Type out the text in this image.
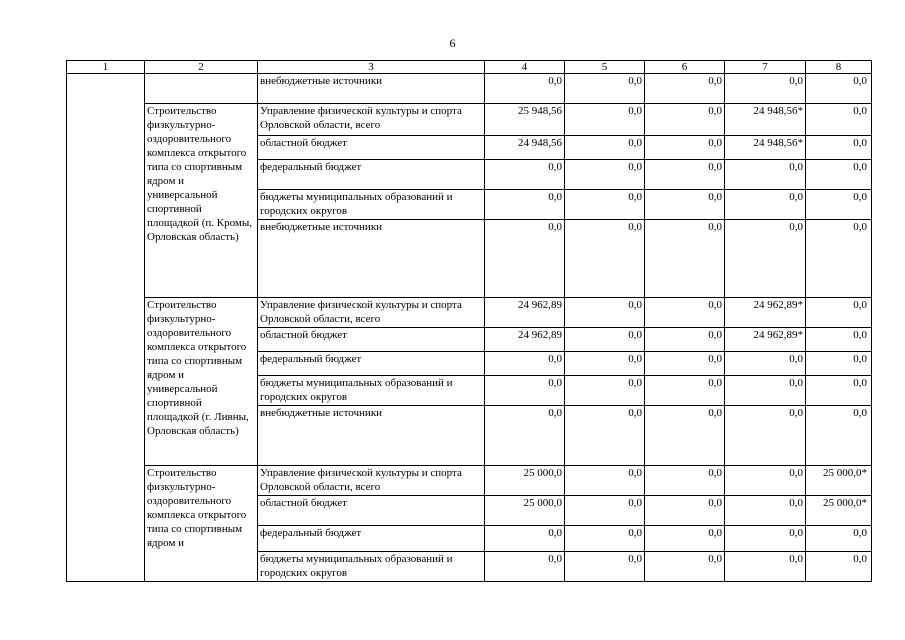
6
1	2	3	4	5	6	7	8
		внебюджетные источники	0,0	0,0	0,0	0,0	0,0
	Строительство физкультурно-оздоровительного комплекса открытого типа со спортивным ядром и универсальной спортивной площадкой (п. Кромы, Орловская область)	Управление физической культуры и спорта Орловской области, всего	25 948,56	0,0	0,0	24 948,56*	0,0
		областной бюджет	24 948,56	0,0	0,0	24 948,56*	0,0
		федеральный бюджет	0,0	0,0	0,0	0,0	0,0
		бюджеты муниципальных образований и городских округов	0,0	0,0	0,0	0,0	0,0
		внебюджетные источники	0,0	0,0	0,0	0,0	0,0
	Строительство физкультурно-оздоровительного комплекса открытого типа со спортивным ядром и универсальной спортивной площадкой (г. Ливны, Орловская область)	Управление физической культуры и спорта Орловской области, всего	24 962,89	0,0	0,0	24 962,89*	0,0
		областной бюджет	24 962,89	0,0	0,0	24 962,89*	0,0
		федеральный бюджет	0,0	0,0	0,0	0,0	0,0
		бюджеты муниципальных образований и городских округов	0,0	0,0	0,0	0,0	0,0
		внебюджетные источники	0,0	0,0	0,0	0,0	0,0
	Строительство физкультурно-оздоровительного комплекса открытого типа со спортивным ядром и	Управление физической культуры и спорта Орловской области, всего	25 000,0	0,0	0,0	0,0	25 000,0*
		областной бюджет	25 000,0	0,0	0,0	0,0	25 000,0*
		федеральный бюджет	0,0	0,0	0,0	0,0	0,0
		бюджеты муниципальных образований и городских округов	0,0	0,0	0,0	0,0	0,0
